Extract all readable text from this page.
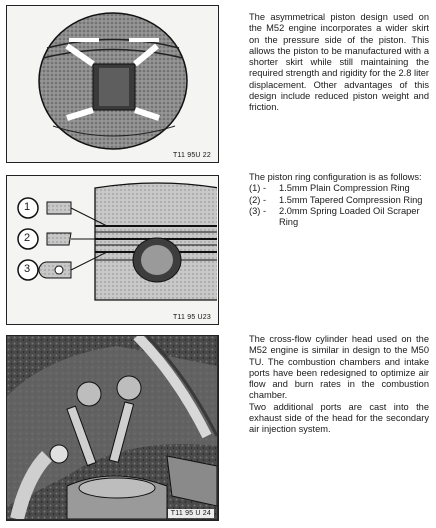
T11 95U 22
1
2
3
T11 95 U23
T11 95 U 24

The asymmetrical piston design used on the M52 engine incorporates a wider skirt on the pressure side of the piston. This allows the piston to be manufactured with a shorter skirt while still maintaining the required strength and rigidity for the 2.8 liter displacement. Other advantages of this design include reduced piston weight and friction.

The piston ring configuration is as follows:
(1) -	1.5mm Plain Compression Ring
(2) -	1.5mm Tapered Compression Ring
(3) -	2.0mm Spring Loaded Oil Scraper Ring

The cross-flow cylinder head used on the M52 engine is similar in design to the M50 TU. The combustion chambers and intake ports have been redesigned to optimize air flow and burn rates in the combustion chamber.

Two additional ports are cast into the exhaust side of the head for the secondary air injection system.
